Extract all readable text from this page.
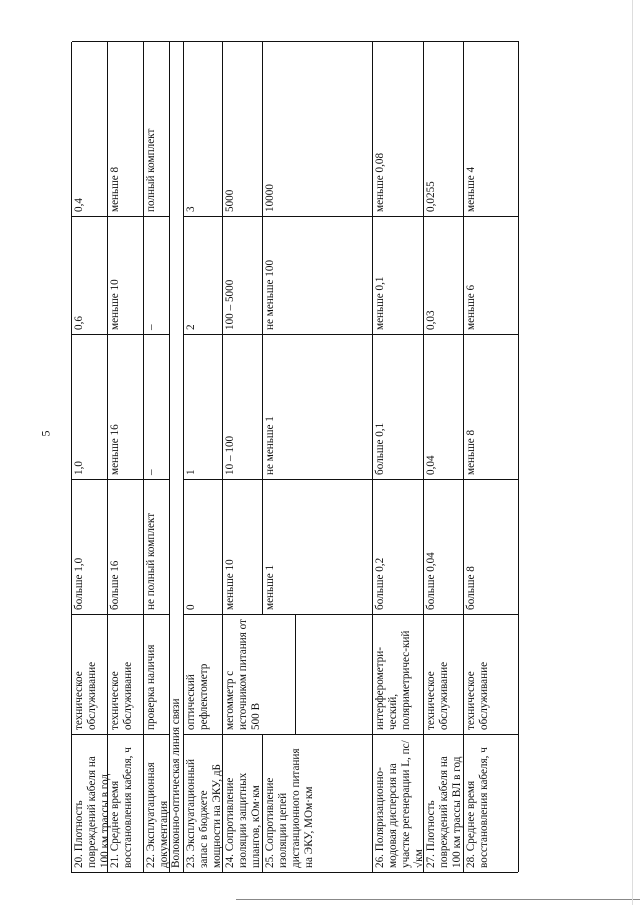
5
20. Плотность повреждений кабеля на 100 км трассы в год
техническое обслуживание
больше 1,0
1,0
0,6
0,4
21. Среднее время восстановления кабеля, ч
техническое обслуживание
больше 16
меньше 16
меньше 10
меньше 8
22. Эксплуатационная документация
проверка наличия
не полный комплект
–
–
полный комплект
Волоконно-оптическая линия связи 23. Эксплуатационный запас в бюджете мощности на ЭКУ, дБ
оптический рефлектометр
0
1
2
3
24. Сопротивление изоляции защитных шлангов, кОм·км
мегомметр с источником питания от 500 В
меньше 10
10 – 100
100 – 5000
5000
25. Сопротивление изоляции цепей дистанционного питания на ЭКУ, МОм·км
меньше 1
не меньше 1
не меньше 100
10000
26. Поляризационно-модовая дисперсия на участке регенерации L, пс/√км
интерферометри-ческий, поляриметричес-кий
больше 0,2
больше 0,1
меньше 0,1
меньше 0,08
27. Плотность повреждений кабеля на 100 км трассы ВЛ в год
техническое обслуживание
больше 0,04
0,04
0,03
0,0255
28. Среднее время восстановления кабеля, ч
техническое обслуживание
больше 8
меньше 8
меньше 6
меньше 4
